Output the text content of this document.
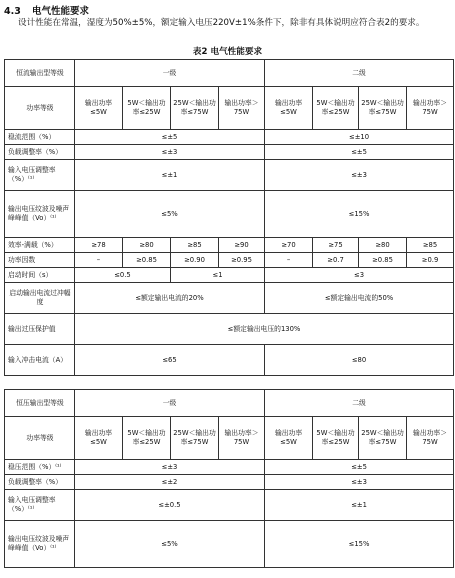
4.3 电气性能要求
设计性能在常温，湿度为50%±5%，额定输入电压220V±1%条件下，除非有具体说明应符合表2的要求。
表2 电气性能要求
恒流输出型等级	一级				二级			
功率等级	输出功率≤5W	5W＜输出功率≤25W	25W＜输出功率≤75W	输出功率＞75W	输出功率≤5W	5W＜输出功率≤25W	25W＜输出功率≤75W	输出功率＞75W
稳流范围（%）	≤±5				≤±10			
负载调整率（%）	≤±3				≤±5			
输入电压调整率（%）⁽¹⁾	≤±1				≤±3			
输出电压纹波及噪声峰峰值（Vo）⁽¹⁾	≤5%				≤15%			
效率-满载（%）	≥78	≥80	≥85	≥90	≥70	≥75	≥80	≥85
功率因数	–	≥0.85	≥0.90	≥0.95	–	≥0.7	≥0.85	≥0.9
启动时间（s）	≤0.5		≤1		≤3			
启动输出电流过冲幅度	≤额定输出电流的20%				≤额定输出电流的50%			
输出过压保护值	≤额定输出电压的130%							
输入冲击电流（A）	≤65				≤80			
恒压输出型等级	一级				二级			
功率等级	输出功率≤5W	5W＜输出功率≤25W	25W＜输出功率≤75W	输出功率＞75W	输出功率≤5W	5W＜输出功率≤25W	25W＜输出功率≤75W	输出功率＞75W
稳压范围（%）⁽¹⁾	≤±3				≤±5			
负载调整率（%）	≤±2				≤±3			
输入电压调整率（%）⁽¹⁾	≤±0.5				≤±1			
输出电压纹波及噪声峰峰值（Vo）⁽¹⁾	≤5%				≤15%			
